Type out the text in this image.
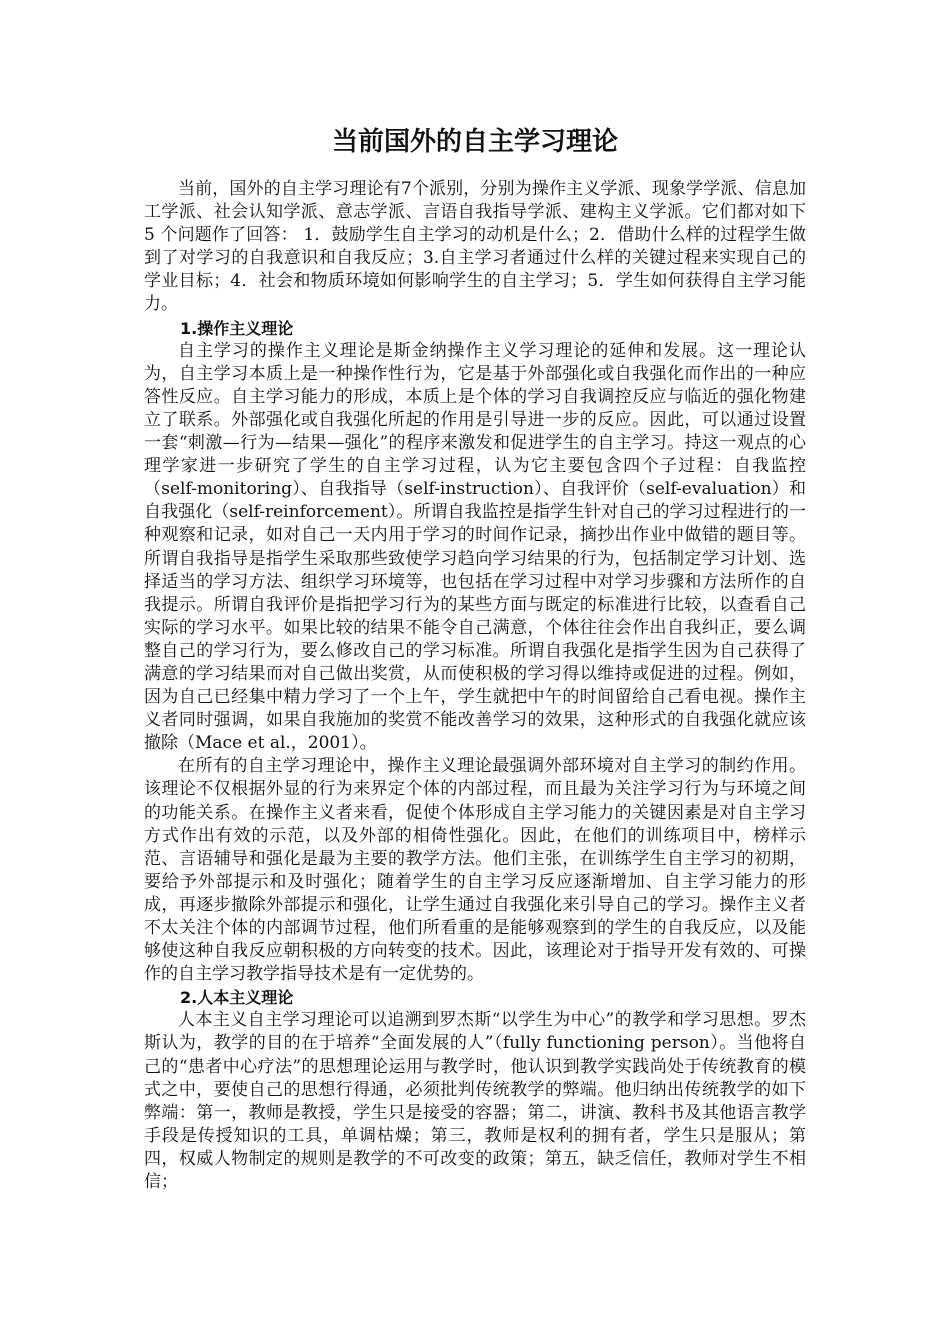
当前国外的自主学习理论

当前，国外的自主学习理论有7个派别，分别为操作主义学派、现象学学派、信息加工学派、社会认知学派、意志学派、言语自我指导学派、建构主义学派。它们都对如下 5 个问题作了回答： 1．鼓励学生自主学习的动机是什么；2．借助什么样的过程学生做到了对学习的自我意识和自我反应；3.自主学习者通过什么样的关键过程来实现自己的学业目标；4．社会和物质环境如何影响学生的自主学习；5．学生如何获得自主学习能力。

1.操作主义理论

自主学习的操作主义理论是斯金纳操作主义学习理论的延伸和发展。这一理论认为，自主学习本质上是一种操作性行为，它是基于外部强化或自我强化而作出的一种应答性反应。自主学习能力的形成，本质上是个体的学习自我调控反应与临近的强化物建立了联系。外部强化或自我强化所起的作用是引导进一步的反应。因此，可以通过设置一套“刺激—行为—结果—强化”的程序来激发和促进学生的自主学习。持这一观点的心理学家进一步研究了学生的自主学习过程，认为它主要包含四个子过程：自我监控（self-monitoring）、自我指导（self-instruction）、自我评价（self-evaluation）和自我强化（self-reinforcement）。所谓自我监控是指学生针对自己的学习过程进行的一种观察和记录，如对自己一天内用于学习的时间作记录，摘抄出作业中做错的题目等。所谓自我指导是指学生采取那些致使学习趋向学习结果的行为，包括制定学习计划、选择适当的学习方法、组织学习环境等，也包括在学习过程中对学习步骤和方法所作的自我提示。所谓自我评价是指把学习行为的某些方面与既定的标准进行比较，以查看自己实际的学习水平。如果比较的结果不能令自己满意，个体往往会作出自我纠正，要么调整自己的学习行为，要么修改自己的学习标准。所谓自我强化是指学生因为自己获得了满意的学习结果而对自己做出奖赏，从而使积极的学习得以维持或促进的过程。例如，因为自己已经集中精力学习了一个上午，学生就把中午的时间留给自己看电视。操作主义者同时强调，如果自我施加的奖赏不能改善学习的效果，这种形式的自我强化就应该撤除（Mace et al.，2001）。

在所有的自主学习理论中，操作主义理论最强调外部环境对自主学习的制约作用。该理论不仅根据外显的行为来界定个体的内部过程，而且最为关注学习行为与环境之间的功能关系。在操作主义者来看，促使个体形成自主学习能力的关键因素是对自主学习方式作出有效的示范，以及外部的相倚性强化。因此，在他们的训练项目中，榜样示范、言语辅导和强化是最为主要的教学方法。他们主张，在训练学生自主学习的初期，要给予外部提示和及时强化；随着学生的自主学习反应逐渐增加、自主学习能力的形成，再逐步撤除外部提示和强化，让学生通过自我强化来引导自己的学习。操作主义者不太关注个体的内部调节过程，他们所看重的是能够观察到的学生的自我反应，以及能够使这种自我反应朝积极的方向转变的技术。因此，该理论对于指导开发有效的、可操作的自主学习教学指导技术是有一定优势的。

2.人本主义理论

人本主义自主学习理论可以追溯到罗杰斯“以学生为中心”的教学和学习思想。罗杰斯认为，教学的目的在于培养“全面发展的人”（fully functioning person）。当他将自己的“患者中心疗法”的思想理论运用与教学时，他认识到教学实践尚处于传统教育的模式之中，要使自己的思想行得通，必须批判传统教学的弊端。他归纳出传统教学的如下弊端：第一，教师是教授，学生只是接受的容器；第二，讲演、教科书及其他语言教学手段是传授知识的工具，单调枯燥；第三，教师是权利的拥有者，学生只是服从；第四，权威人物制定的规则是教学的不可改变的政策；第五，缺乏信任，教师对学生不相信；
